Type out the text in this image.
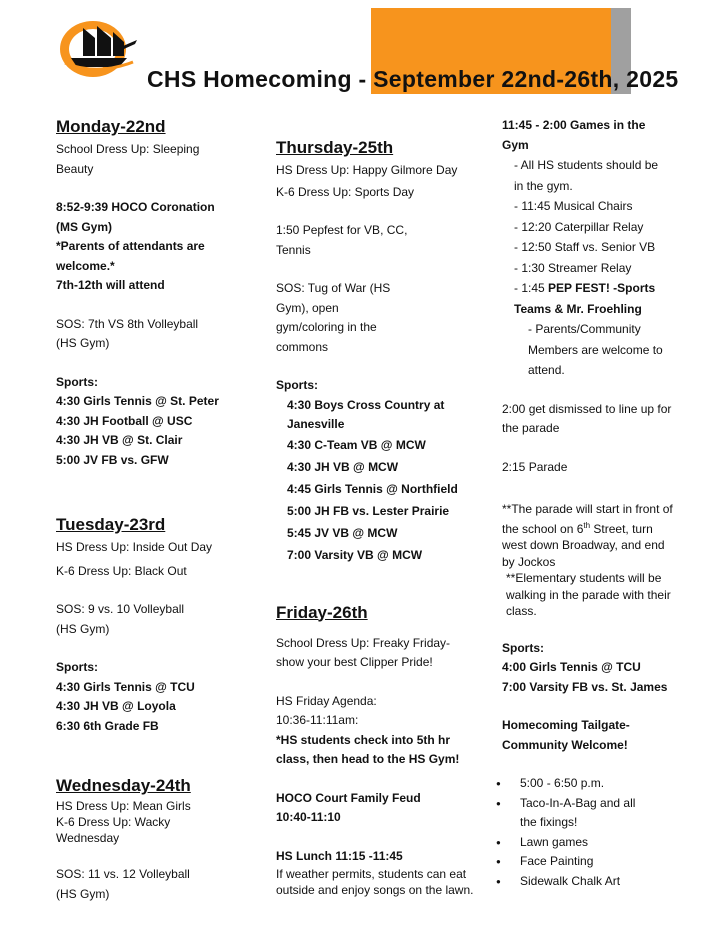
CHS Homecoming - September 22nd-26th, 2025

Monday-22nd

School Dress Up: Sleeping Beauty

8:52-9:39 HOCO Coronation (MS Gym)

*Parents of attendants are welcome.*

7th-12th will attend

SOS: 7th VS 8th Volleyball (HS Gym)

Sports:

4:30 Girls Tennis @ St. Peter

4:30 JH Football @ USC

4:30 JH VB @ St. Clair

5:00 JV FB vs. GFW

Tuesday-23rd

HS Dress Up: Inside Out Day

K-6 Dress Up: Black Out

SOS: 9 vs. 10 Volleyball (HS Gym)

Sports:

4:30 Girls Tennis @ TCU

4:30 JH VB @ Loyola

6:30 6th Grade FB

Wednesday-24th

HS Dress Up: Mean Girls

K-6 Dress Up: Wacky Wednesday

SOS: 11 vs. 12 Volleyball (HS Gym)

Thursday-25th

HS Dress Up: Happy Gilmore Day

K-6 Dress Up: Sports Day

1:50 Pepfest for VB, CC, Tennis

SOS: Tug of War (HS Gym), open gym/coloring in the commons

Sports:

4:30 Boys Cross Country at Janesville

4:30 C-Team VB @ MCW

4:30 JH VB @ MCW

4:45 Girls Tennis @ Northfield

5:00 JH FB vs. Lester Prairie

5:45 JV VB @ MCW

7:00 Varsity VB @ MCW

Friday-26th

School Dress Up: Freaky Friday- show your best Clipper Pride!

HS Friday Agenda:

10:36-11:11am:

*HS students check into 5th hr class, then head to the HS Gym!

HOCO Court Family Feud

10:40-11:10

HS Lunch 11:15 -11:45

If weather permits, students can eat outside and enjoy songs on the lawn.

11:45 - 2:00 Games in the Gym

- All HS students should be in the gym.

- 11:45 Musical Chairs

- 12:20 Caterpillar Relay

- 12:50 Staff vs. Senior VB

- 1:30 Streamer Relay

- 1:45 PEP FEST! -Sports Teams & Mr. Froehling

- Parents/Community Members are welcome to attend.

2:00 get dismissed to line up for the parade

2:15 Parade

**The parade will start in front of the school on 6th Street, turn west down Broadway, and end by Jockos

**Elementary students will be walking in the parade with their class.

Sports:

4:00 Girls Tennis @ TCU

7:00 Varsity FB vs. St. James

Homecoming Tailgate- Community Welcome!

● 5:00 - 6:50 p.m.
● Taco-In-A-Bag and all the fixings!
● Lawn games
● Face Painting
● Sidewalk Chalk Art
